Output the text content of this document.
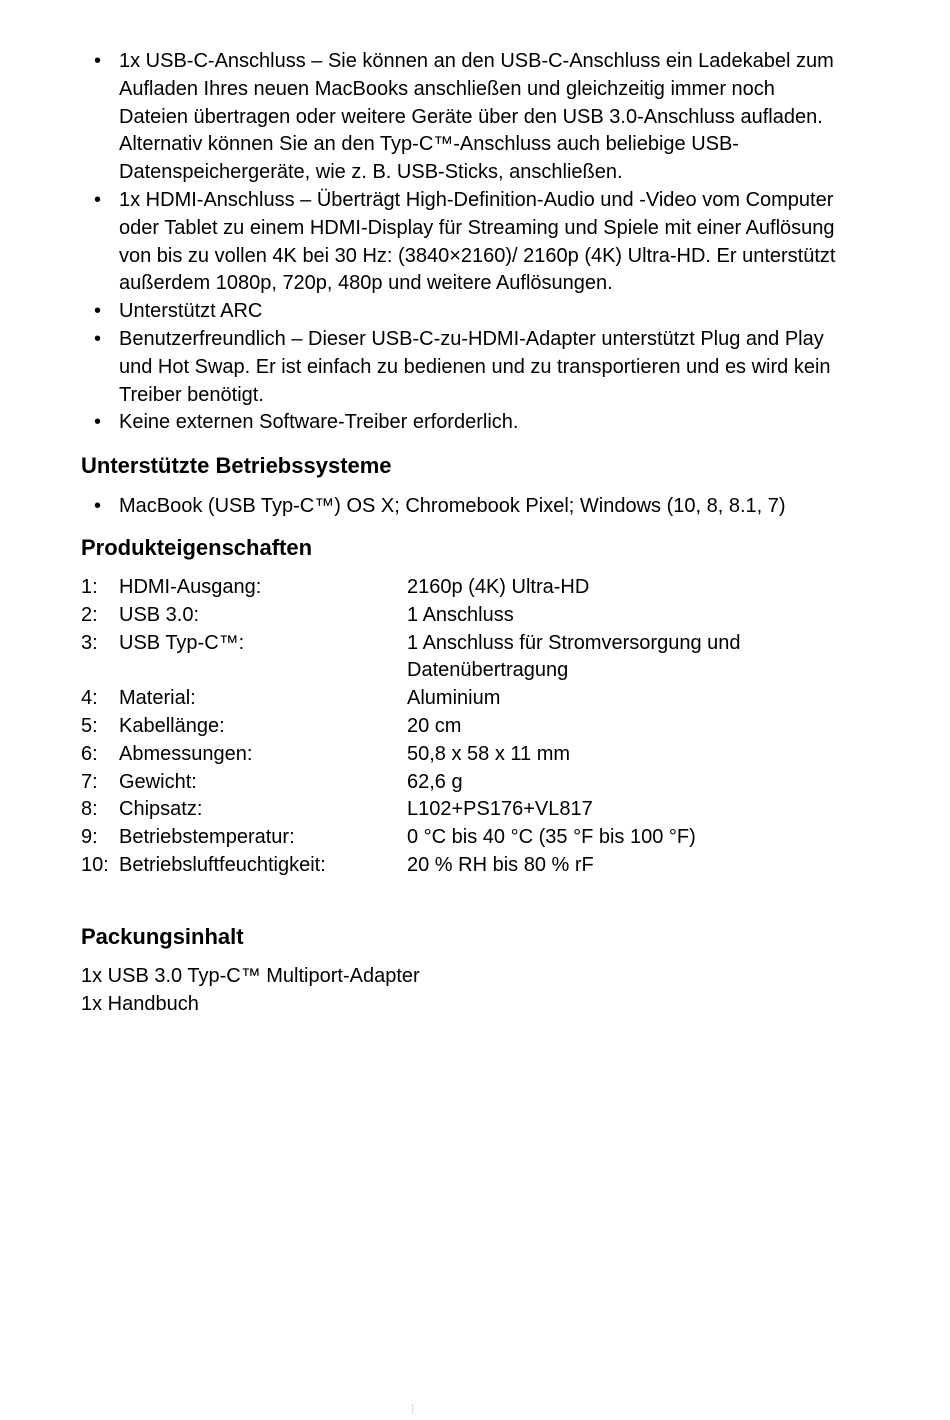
• 1x USB-C-Anschluss – Sie können an den USB-C-Anschluss ein Ladekabel zum Aufladen Ihres neuen MacBooks anschließen und gleichzeitig immer noch Dateien übertragen oder weitere Geräte über den USB 3.0-Anschluss aufladen. Alternativ können Sie an den Typ-C™-Anschluss auch beliebige USB-Datenspeichergeräte, wie z. B. USB-Sticks, anschließen.
• 1x HDMI-Anschluss – Überträgt High-Definition-Audio und -Video vom Computer oder Tablet zu einem HDMI-Display für Streaming und Spiele mit einer Auflösung von bis zu vollen 4K bei 30 Hz: (3840×2160)/ 2160p (4K) Ultra-HD. Er unterstützt außerdem 1080p, 720p, 480p und weitere Auflösungen.
• Unterstützt ARC
• Benutzerfreundlich – Dieser USB-C-zu-HDMI-Adapter unterstützt Plug and Play und Hot Swap. Er ist einfach zu bedienen und zu transportieren und es wird kein Treiber benötigt.
• Keine externen Software-Treiber erforderlich.
Unterstützte Betriebssysteme
• MacBook (USB Typ-C™) OS X; Chromebook Pixel; Windows (10, 8, 8.1, 7)
Produkteigenschaften
1:	HDMI-Ausgang:	2160p (4K) Ultra-HD
2:	USB 3.0:	1 Anschluss
3:	USB Typ-C™:	1 Anschluss für Stromversorgung und Datenübertragung
4:	Material:	Aluminium
5:	Kabellänge:	20 cm
6:	Abmessungen:	50,8 x 58 x 11 mm
7:	Gewicht:	62,6 g
8:	Chipsatz:	L102+PS176+VL817
9:	Betriebstemperatur:	0 °C bis 40 °C (35 °F bis 100 °F)
10:	Betriebsluftfeuchtigkeit:	20 % RH bis 80 % rF
Packungsinhalt
1x USB 3.0 Typ-C™ Multiport-Adapter
1x Handbuch
┆
